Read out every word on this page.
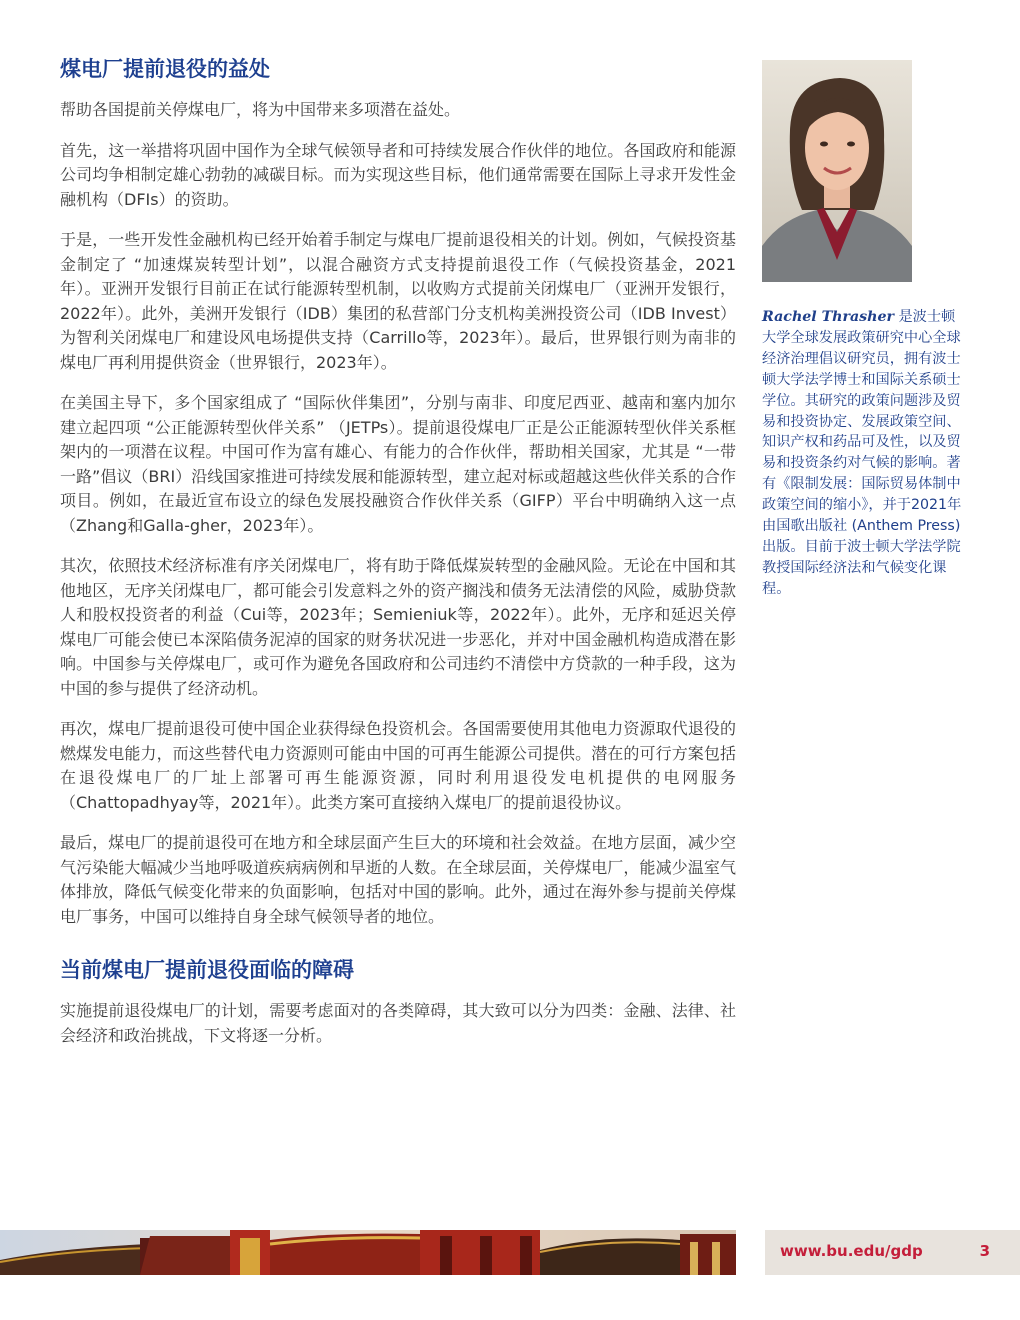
煤电厂提前退役的益处

帮助各国提前关停煤电厂，将为中国带来多项潜在益处。

首先，这一举措将巩固中国作为全球气候领导者和可持续发展合作伙伴的地位。各国政府和能源公司均争相制定雄心勃勃的减碳目标。而为实现这些目标，他们通常需要在国际上寻求开发性金融机构（DFIs）的资助。

于是，一些开发性金融机构已经开始着手制定与煤电厂提前退役相关的计划。例如，气候投资基金制定了 “加速煤炭转型计划”，以混合融资方式支持提前退役工作（气候投资基金，2021年）。亚洲开发银行目前正在试行能源转型机制，以收购方式提前关闭煤电厂（亚洲开发银行，2022年）。此外，美洲开发银行（IDB）集团的私营部门分支机构美洲投资公司（IDB Invest）为智利关闭煤电厂和建设风电场提供支持（Carrillo等，2023年）。最后，世界银行则为南非的煤电厂再利用提供资金（世界银行，2023年）。

在美国主导下，多个国家组成了 “国际伙伴集团”，分别与南非、印度尼西亚、越南和塞内加尔建立起四项 “公正能源转型伙伴关系” （JETPs）。提前退役煤电厂正是公正能源转型伙伴关系框架内的一项潜在议程。中国可作为富有雄心、有能力的合作伙伴，帮助相关国家，尤其是 “一带一路”倡议（BRI）沿线国家推进可持续发展和能源转型，建立起对标或超越这些伙伴关系的合作项目。例如，在最近宣布设立的绿色发展投融资合作伙伴关系（GIFP）平台中明确纳入这一点（Zhang和Galla-gher，2023年）。

其次，依照技术经济标准有序关闭煤电厂，将有助于降低煤炭转型的金融风险。无论在中国和其他地区，无序关闭煤电厂，都可能会引发意料之外的资产搁浅和债务无法清偿的风险，威胁贷款人和股权投资者的利益（Cui等，2023年；Semieniuk等，2022年）。此外，无序和延迟关停煤电厂可能会使已本深陷债务泥淖的国家的财务状况进一步恶化，并对中国金融机构造成潜在影响。中国参与关停煤电厂，或可作为避免各国政府和公司违约不清偿中方贷款的一种手段，这为中国的参与提供了经济动机。

再次，煤电厂提前退役可使中国企业获得绿色投资机会。各国需要使用其他电力资源取代退役的燃煤发电能力，而这些替代电力资源则可能由中国的可再生能源公司提供。潜在的可行方案包括在退役煤电厂的厂址上部署可再生能源资源，同时利用退役发电机提供的电网服务（Chattopadhyay等，2021年）。此类方案可直接纳入煤电厂的提前退役协议。

最后，煤电厂的提前退役可在地方和全球层面产生巨大的环境和社会效益。在地方层面，减少空气污染能大幅减少当地呼吸道疾病病例和早逝的人数。在全球层面，关停煤电厂，能减少温室气体排放，降低气候变化带来的负面影响，包括对中国的影响。此外，通过在海外参与提前关停煤电厂事务，中国可以维持自身全球气候领导者的地位。

当前煤电厂提前退役面临的障碍

实施提前退役煤电厂的计划，需要考虑面对的各类障碍，其大致可以分为四类：金融、法律、社会经济和政治挑战，下文将逐一分析。

Rachel Thrasher 是波士顿大学全球发展政策研究中心全球经济治理倡议研究员，拥有波士顿大学法学博士和国际关系硕士学位。其研究的政策问题涉及贸易和投资协定、发展政策空间、知识产权和药品可及性，以及贸易和投资条约对气候的影响。著有《限制发展：国际贸易体制中政策空间的缩小》，并于2021年由国歌出版社 (Anthem Press) 出版。目前于波士顿大学法学院教授国际经济法和气候变化课程。
www.bu.edu/gdp	3
